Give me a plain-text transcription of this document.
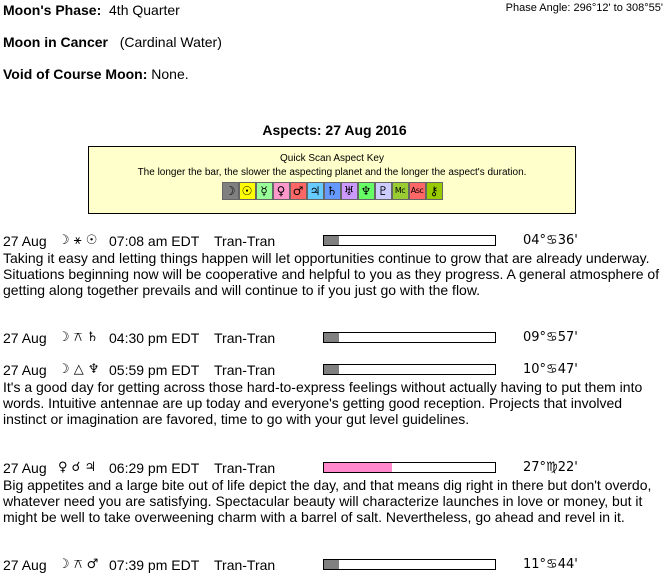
Moon's Phase: 4th Quarter	Phase Angle: 296°12' to 308°55'
Moon in Cancer (Cardinal Water)
Void of Course Moon: None.
Aspects: 27 Aug 2016
Quick Scan Aspect Key
The longer the bar, the slower the aspecting planet and the longer the aspect's duration.
☽ ☉ ☿ ♀ ♂ ♃ ♄ ♅ ♆ ♇ Mc Asc ⚷
27 Aug ☽ ⚹ ☉ 07:08 am EDT Tran-Tran	04°♋36'
Taking it easy and letting things happen will let opportunities continue to grow that are already underway. Situations beginning now will be cooperative and helpful to you as they progress. A general atmosphere of getting along together prevails and will continue to if you just go with the flow.
27 Aug ☽ ⚻ ♄ 04:30 pm EDT Tran-Tran	09°♋57'
27 Aug ☽ △ ♆ 05:59 pm EDT Tran-Tran	10°♋47'
It's a good day for getting across those hard-to-express feelings without actually having to put them into words. Intuitive antennae are up today and everyone's getting good reception. Projects that involved instinct or imagination are favored, time to go with your gut level guidelines.
27 Aug ♀ ☌ ♃ 06:29 pm EDT Tran-Tran	27°♍22'
Big appetites and a large bite out of life depict the day, and that means dig right in there but don't overdo, whatever need you are satisfying. Spectacular beauty will characterize launches in love or money, but it might be well to take overweening charm with a barrel of salt. Nevertheless, go ahead and revel in it.
27 Aug ☽ ⚻ ♂ 07:39 pm EDT Tran-Tran	11°♋44'
